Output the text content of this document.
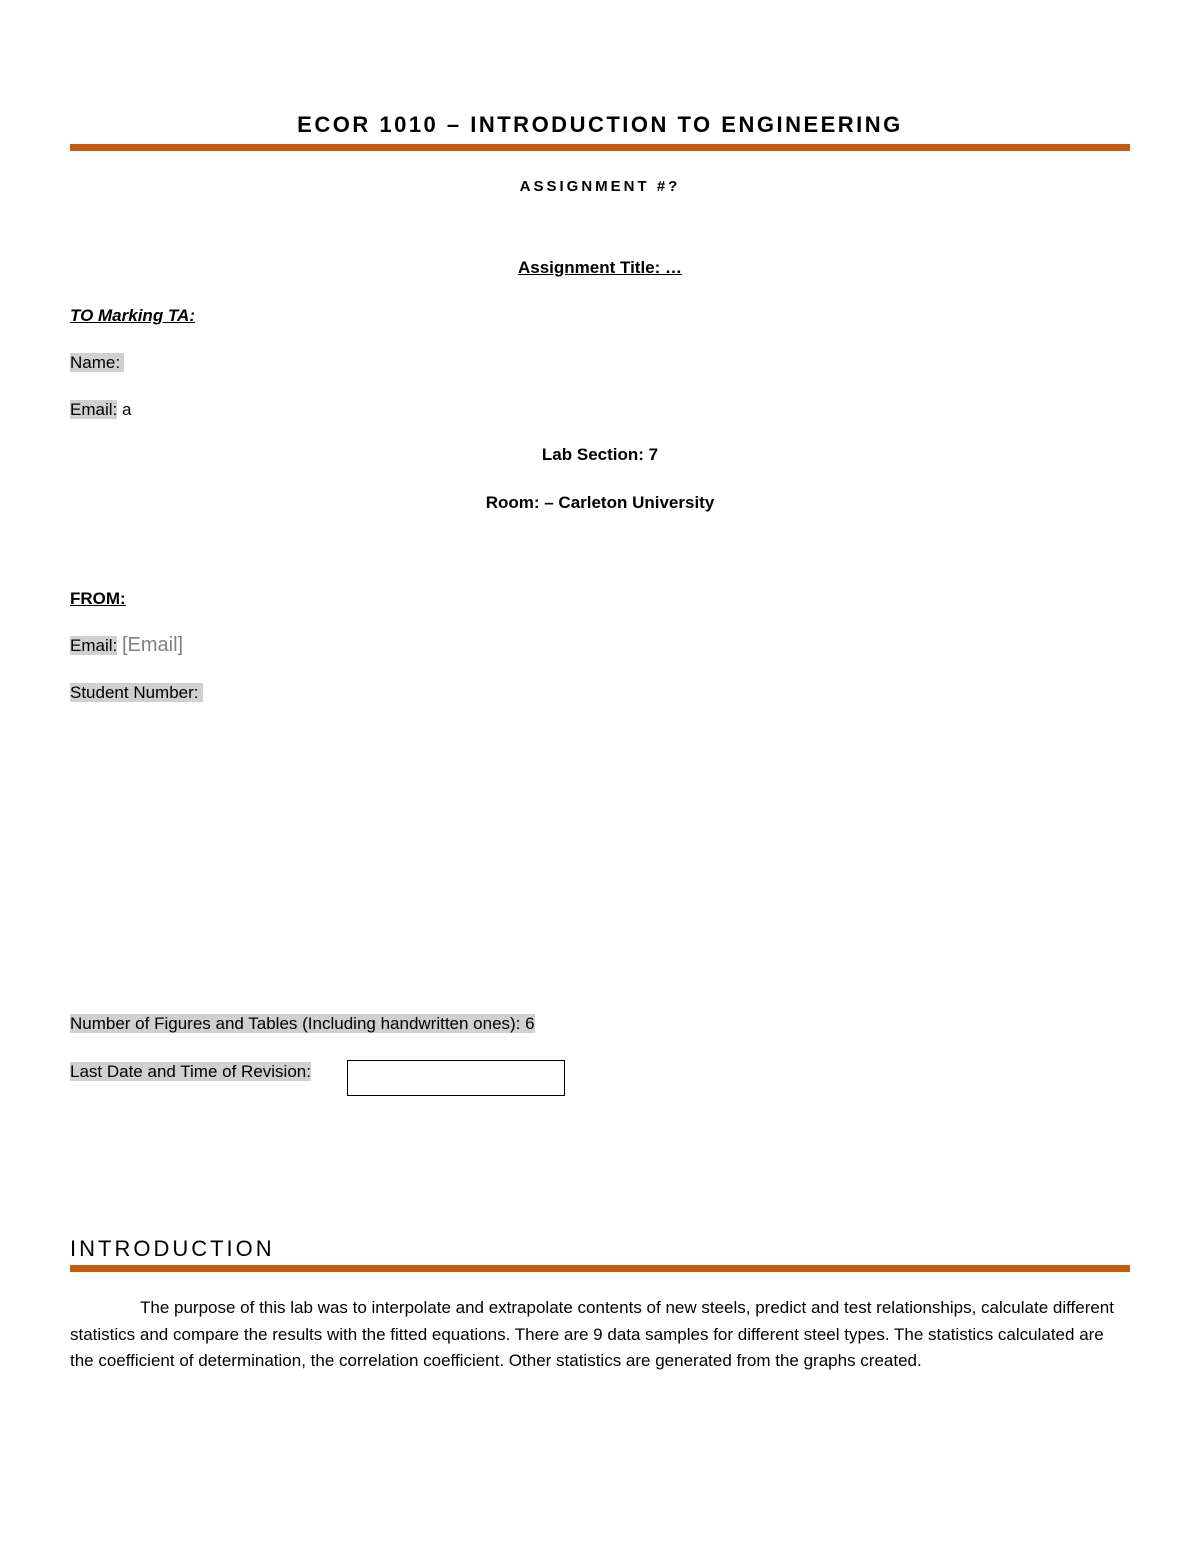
ECOR 1010 – INTRODUCTION TO ENGINEERING
ASSIGNMENT #?
Assignment Title: …
TO Marking TA:
Name:
Email: a
Lab Section: 7
Room: – Carleton University
FROM:
Email: [Email]
Student Number:
Number of Figures and Tables (Including handwritten ones): 6
Last Date and Time of Revision:
INTRODUCTION
The purpose of this lab was to interpolate and extrapolate contents of new steels, predict and test relationships, calculate different statistics and compare the results with the fitted equations. There are 9 data samples for different steel types. The statistics calculated are the coefficient of determination, the correlation coefficient. Other statistics are generated from the graphs created.
